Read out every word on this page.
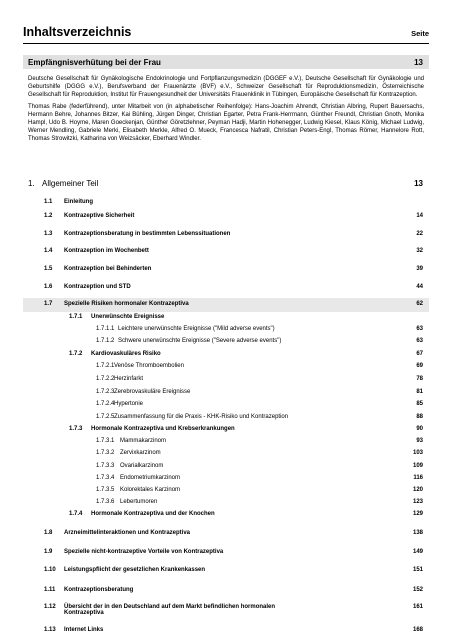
Inhaltsverzeichnis	Seite
Empfängnisverhütung bei der Frau	13
Deutsche Gesellschaft für Gynäkologische Endokrinologie und Fortpflanzungsmedizin (DGGEF e.V.), Deutsche Gesellschaft für Gynäkologie und Geburtshilfe (DGGG e.V.), Berufsverband der Frauenärzte (BVF) e.V., Schweizer Gesellschaft für Reproduktionsmedizin, Österreichische Gesellschaft für Reproduktion, Institut für Frauengesundheit der Universitäts Frauenklinik in Tübingen, Europäische Gesellschaft für Kontrazeption.
Thomas Rabe (federführend), unter Mitarbeit von (in alphabetischer Reihenfolge): Hans-Joachim Ahrendt, Christian Albring, Rupert Bauersachs, Hermann Behre, Johannes Bitzer, Kai Bühling, Jürgen Dinger, Christian Egarter, Petra Frank-Herrmann, Günther Freundl, Christian Gnoth, Monika Hampl, Udo B. Hoyme, Maren Goeckenjan, Günther Göretzlehner, Peyman Hadji, Martin Hohenegger, Ludwig Kiesel, Klaus König, Michael Ludwig, Werner Mendling, Gabriele Merki, Elisabeth Merkle, Alfred O. Mueck, Francesca Nafratil, Christian Peters-Engl, Thomas Römer, Hannelore Rott, Thomas Strowitzki, Katharina von Weizsäcker, Eberhard Windler.
1. Allgemeiner Teil	13
1.1 Einleitung
1.2 Kontrazeptive Sicherheit	14
1.3 Kontrazeptionsberatung in bestimmten Lebenssituationen	22
1.4 Kontrazeption im Wochenbett	32
1.5 Kontrazeption bei Behinderten	39
1.6 Kontrazeption und STD	44
1.7 Spezielle Risiken hormonaler Kontrazeptiva	62
1.7.1 Unerwünschte Ereignisse
1.7.1.1 Leichtere unerwünschte Ereignisse ("Mild adverse events")	63
1.7.1.2 Schwere unerwünschte Ereignisse ("Severe adverse events")	63
1.7.2 Kardiovaskuläres Risiko	67
1.7.2.1Venöse Thromboembolien	69
1.7.2.2Herzinfarkt	78
1.7.2.3Zerebrovaskuläre Ereignisse	81
1.7.2.4Hypertonie	85
1.7.2.5Zusammenfassung für die Praxis - KHK-Risiko und Kontrazeption	88
1.7.3 Hormonale Kontrazeptiva und Krebserkrankungen	90
1.7.3.1 Mammakarzinom	93
1.7.3.2 Zervixkarzinom	103
1.7.3.3 Ovarialkarzinom	109
1.7.3.4 Endometriumkarzinom	116
1.7.3.5 Kolorektales Karzinom	120
1.7.3.6 Lebertumoren	123
1.7.4 Hormonale Kontrazeptiva und der Knochen	129
1.8 Arzneimittelinteraktionen und Kontrazeptiva	138
1.9 Spezielle nicht-kontrazeptive Vorteile von Kontrazeptiva	149
1.10 Leistungspflicht der gesetzlichen Krankenkassen	151
1.11 Kontrazeptionsberatung	152
1.12 Übersicht der in den Deutschland auf dem Markt befindlichen hormonalen
Kontrazeptiva
161
1.13 Internet Links	168
